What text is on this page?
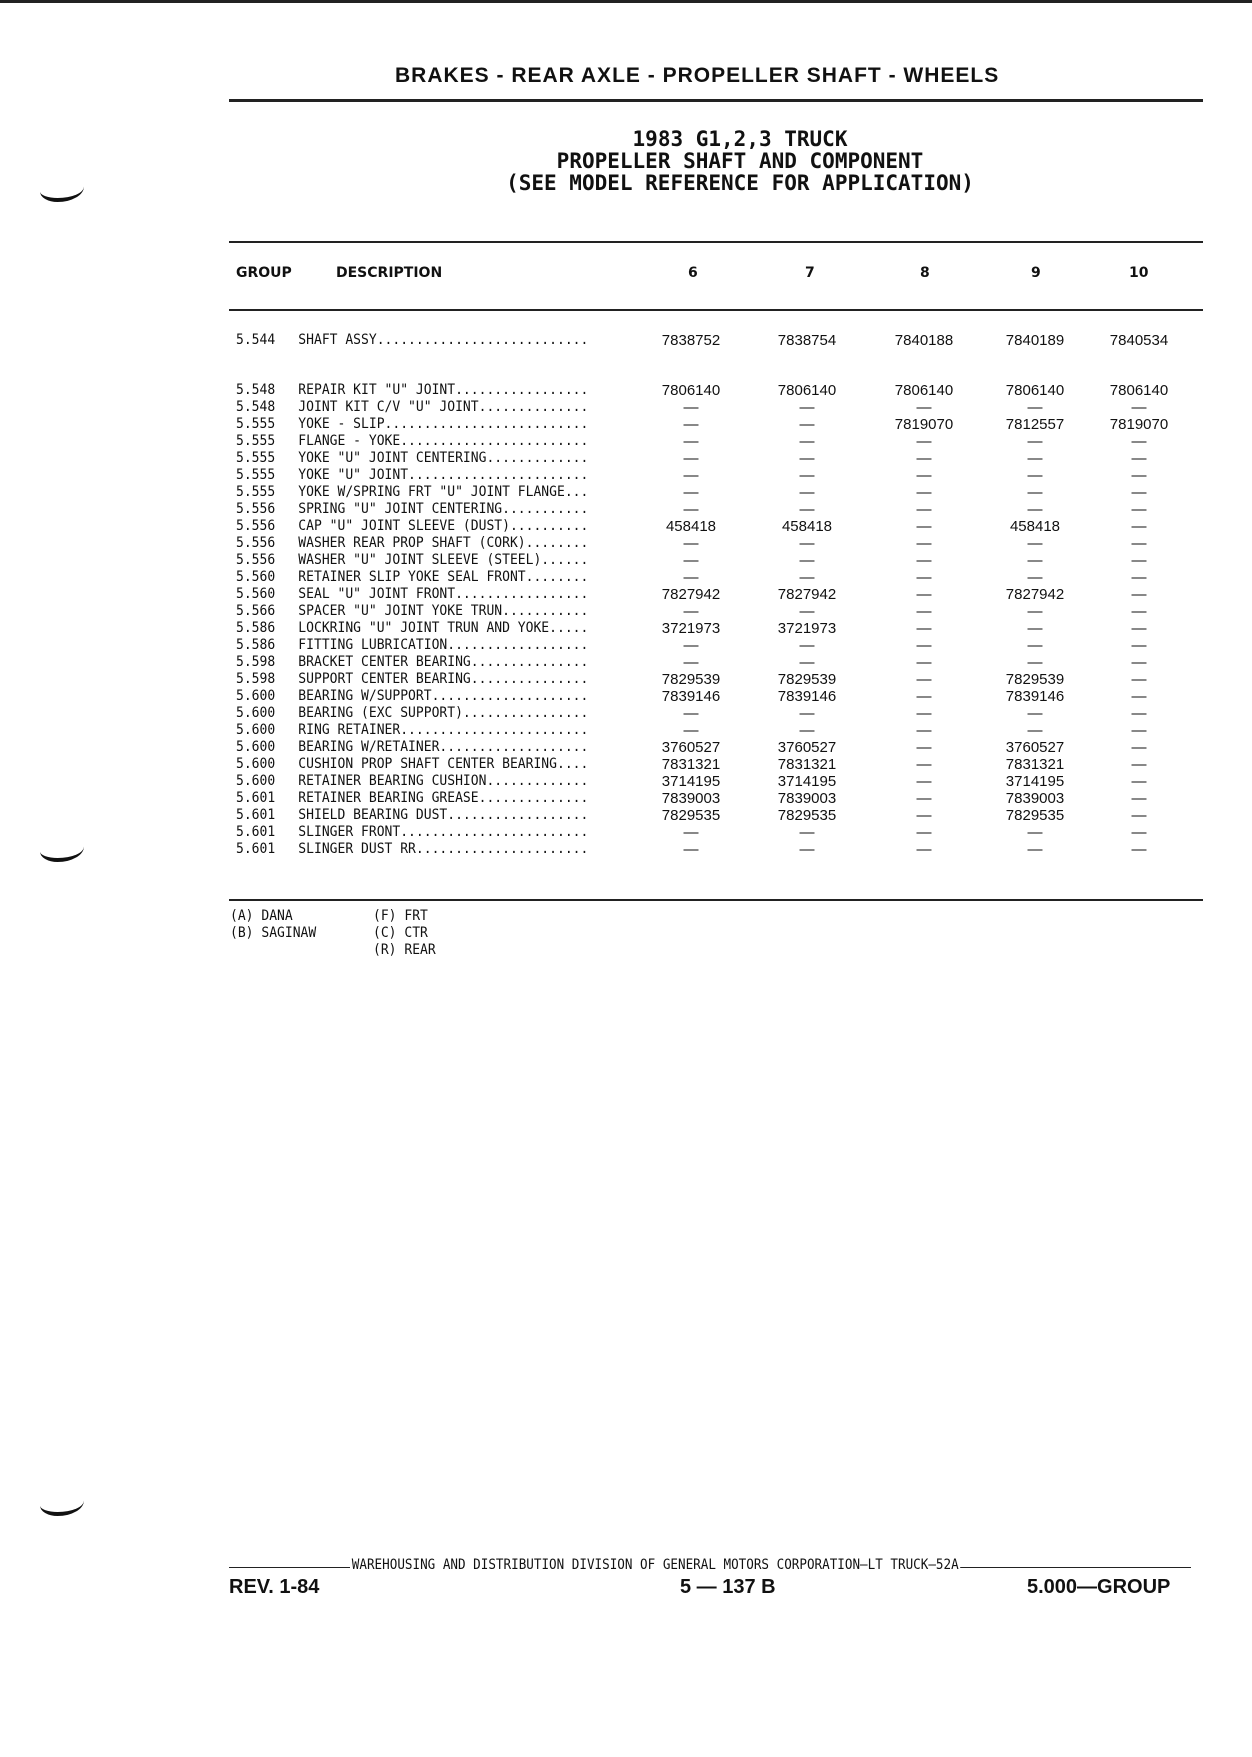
BRAKES - REAR AXLE - PROPELLER SHAFT - WHEELS
1983 G1,2,3 TRUCK
PROPELLER SHAFT AND COMPONENT
(SEE MODEL REFERENCE FOR APPLICATION)
GROUP	DESCRIPTION	6	7	8	9	10
5.544 SHAFT ASSY...........................	7838752	7838754	7840188	7840189	7840534
5.548 REPAIR KIT "U" JOINT.................	7806140	7806140	7806140	7806140	7806140
5.548 JOINT KIT C/V "U" JOINT..............	—	—	—	—	—
5.555 YOKE - SLIP..........................	—	—	7819070	7812557	7819070
5.555 FLANGE - YOKE........................	—	—	—	—	—
5.555 YOKE "U" JOINT CENTERING.............	—	—	—	—	—
5.555 YOKE "U" JOINT.......................	—	—	—	—	—
5.555 YOKE W/SPRING FRT "U" JOINT FLANGE...	—	—	—	—	—
5.556 SPRING "U" JOINT CENTERING...........	—	—	—	—	—
5.556 CAP "U" JOINT SLEEVE (DUST)..........	458418	458418	—	458418	—
5.556 WASHER REAR PROP SHAFT (CORK)........	—	—	—	—	—
5.556 WASHER "U" JOINT SLEEVE (STEEL)......	—	—	—	—	—
5.560 RETAINER SLIP YOKE SEAL FRONT........	—	—	—	—	—
5.560 SEAL "U" JOINT FRONT.................	7827942	7827942	—	7827942	—
5.566 SPACER "U" JOINT YOKE TRUN...........	—	—	—	—	—
5.586 LOCKRING "U" JOINT TRUN AND YOKE.....	3721973	3721973	—	—	—
5.586 FITTING LUBRICATION..................	—	—	—	—	—
5.598 BRACKET CENTER BEARING...............	—	—	—	—	—
5.598 SUPPORT CENTER BEARING...............	7829539	7829539	—	7829539	—
5.600 BEARING W/SUPPORT....................	7839146	7839146	—	7839146	—
5.600 BEARING (EXC SUPPORT)................	—	—	—	—	—
5.600 RING RETAINER........................	—	—	—	—	—
5.600 BEARING W/RETAINER...................	3760527	3760527	—	3760527	—
5.600 CUSHION PROP SHAFT CENTER BEARING....	7831321	7831321	—	7831321	—
5.600 RETAINER BEARING CUSHION.............	3714195	3714195	—	3714195	—
5.601 RETAINER BEARING GREASE..............	7839003	7839003	—	7839003	—
5.601 SHIELD BEARING DUST..................	7829535	7829535	—	7829535	—
5.601 SLINGER FRONT........................	—	—	—	—	—
5.601 SLINGER DUST RR......................	—	—	—	—	—
(A) DANA
(B) SAGINAW
(F) FRT
(C) CTR
(R) REAR
WAREHOUSING AND DISTRIBUTION DIVISION OF GENERAL MOTORS CORPORATION—LT TRUCK—52A
REV. 1-84	5 — 137 B	5.000—GROUP
